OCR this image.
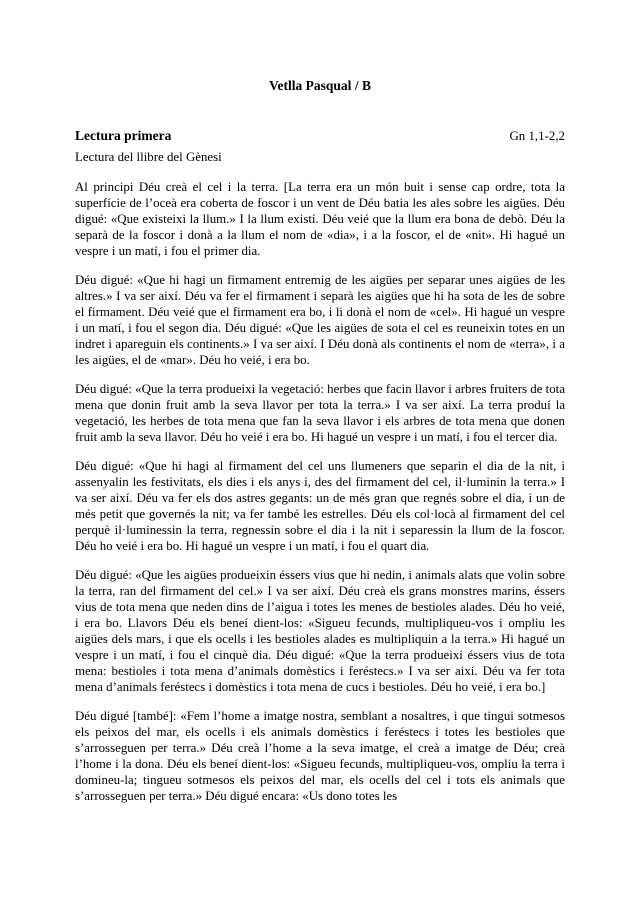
Vetlla Pasqual / B
Lectura primera	Gn 1,1-2,2

Lectura del llibre del Gènesi

Al principi Déu creà el cel i la terra. [La terra era un món buit i sense cap ordre, tota la superfície de l’oceà era coberta de foscor i un vent de Déu batia les ales sobre les aigües. Déu digué: «Que existeixi la llum.» I la llum existí. Déu veié que la llum era bona de debò. Déu la separà de la foscor i donà a la llum el nom de «dia», i a la foscor, el de «nit». Hi hagué un vespre i un matí, i fou el primer dia.

Déu digué: «Que hi hagi un firmament entremig de les aigües per separar unes aigües de les altres.» I va ser així. Déu va fer el firmament i separà les aigües que hi ha sota de les de sobre el firmament. Déu veié que el firmament era bo, i li donà el nom de «cel». Hi hagué un vespre i un matí, i fou el segon dia. Déu digué: «Que les aigües de sota el cel es reuneixin totes en un indret i apareguin els continents.» I va ser així. I Déu donà als continents el nom de «terra», i a les aigües, el de «mar». Déu ho veié, i era bo.

Déu digué: «Que la terra produeixi la vegetació: herbes que facin llavor i arbres fruiters de tota mena que donin fruit amb la seva llavor per tota la terra.» I va ser així. La terra produí la vegetació, les herbes de tota mena que fan la seva llavor i els arbres de tota mena que donen fruit amb la seva llavor. Déu ho veié i era bo. Hi hagué un vespre i un matí, i fou el tercer dia.

Déu digué: «Que hi hagi al firmament del cel uns llumeners que separin el dia de la nit, i assenyalin les festivitats, els dies i els anys i, des del firmament del cel, il·luminin la terra.» I va ser així. Déu va fer els dos astres gegants: un de més gran que regnés sobre el dia, i un de més petit que governés la nit; va fer també les estrelles. Déu els col·locà al firmament del cel perquè il·luminessin la terra, regnessin sobre el dia i la nit i separessin la llum de la foscor. Déu ho veié i era bo. Hi hagué un vespre i un matí, i fou el quart dia.

Déu digué: «Que les aigües produeixin éssers vius que hi nedin, i animals alats que volin sobre la terra, ran del firmament del cel.» I va ser així. Déu creà els grans monstres marins, éssers vius de tota mena que neden dins de l’aigua i totes les menes de bestioles alades. Déu ho veié, i era bo. Llavors Déu els beneí dient-los: «Sigueu fecunds, multipliqueu-vos i ompliu les aigües dels mars, i que els ocells i les bestioles alades es multipliquin a la terra.» Hi hagué un vespre i un matí, i fou el cinquè dia. Déu digué: «Que la terra produeixi éssers vius de tota mena: bestioles i tota mena d’animals domèstics i feréstecs.» I va ser així. Déu va fer tota mena d’animals feréstecs i domèstics i tota mena de cucs i bestioles. Déu ho veié, i era bo.]

Déu digué [també]: «Fem l’home a imatge nostra, semblant a nosaltres, i que tingui sotmesos els peixos del mar, els ocells i els animals domèstics i feréstecs i totes les bestioles que s’arrosseguen per terra.» Déu creà l’home a la seva imatge, el creà a imatge de Déu; creà l’home i la dona. Déu els beneí dient-los: «Sigueu fecunds, multipliqueu-vos, ompliu la terra i domineu-la; tingueu sotmesos els peixos del mar, els ocells del cel i tots els animals que s’arrosseguen per terra.» Déu digué encara: «Us dono totes les
